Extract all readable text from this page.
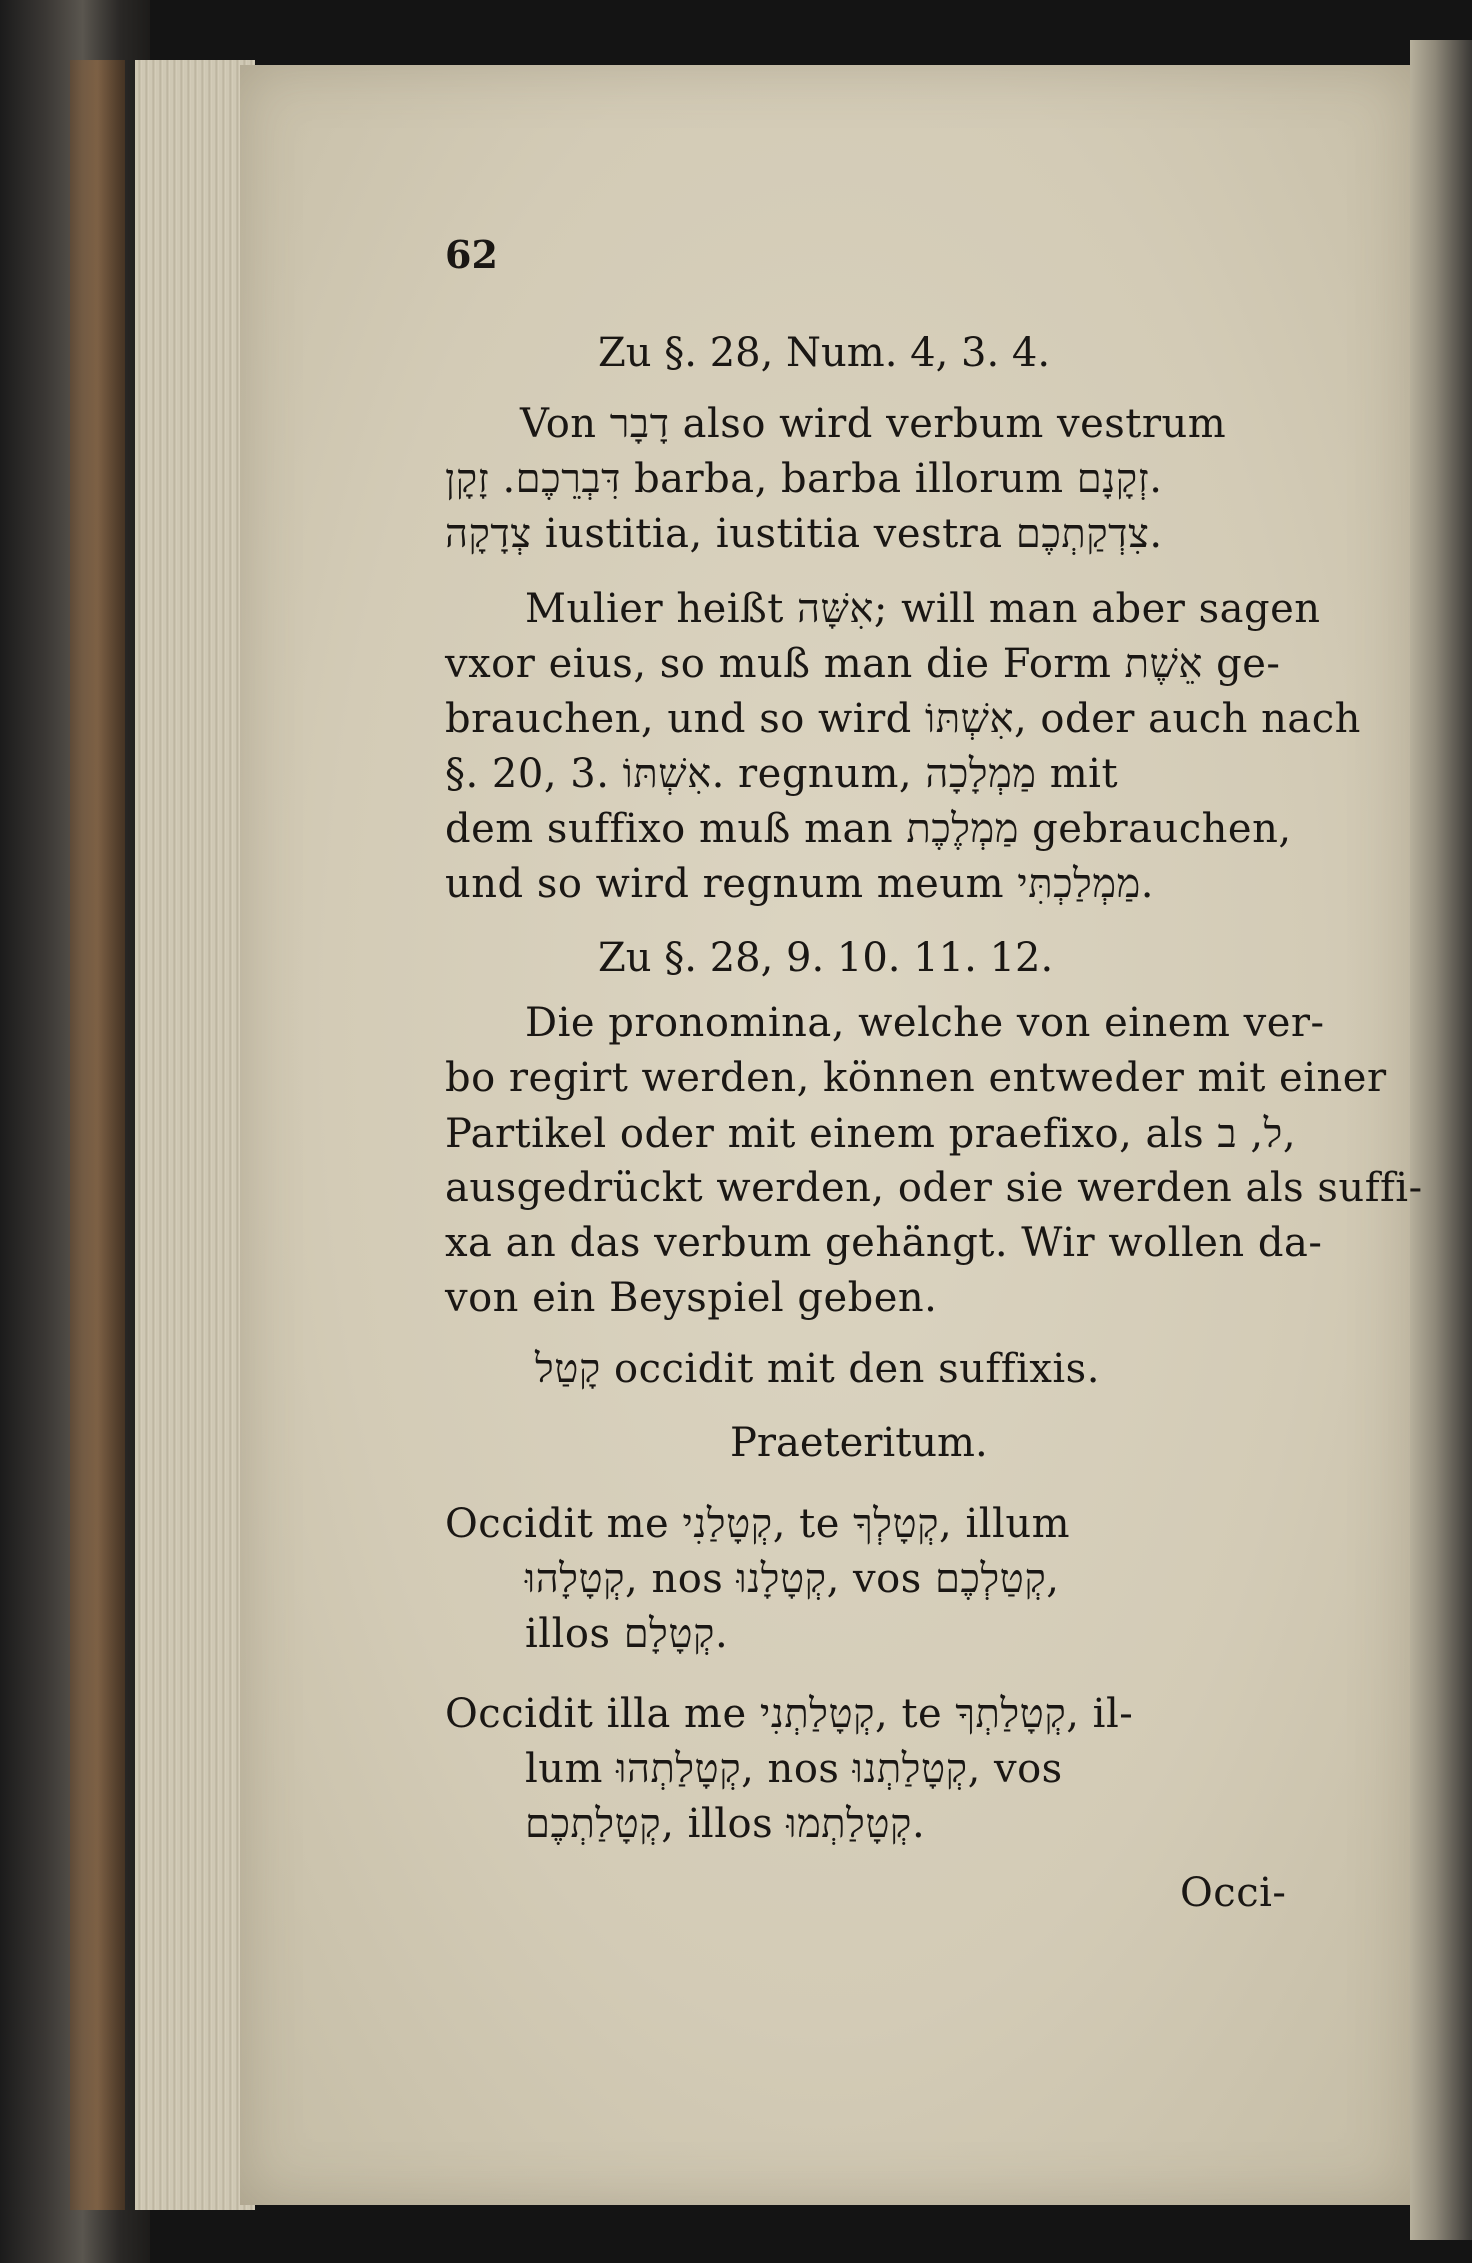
62
Zu §. 28, Num. 4, 3. 4.
Von דָבָר also wird verbum vestrum
דִּבְרֵכֶם. זָקָן barba, barba illorum זְקָנָם.
צְדָקָה iustitia, iustitia vestra צִדְקַתְכֶם.
Mulier heißt אִשָּׁה; will man aber sagen
vxor eius, so muß man die Form אֵשֶׁת ge-
brauchen, und so wird אִשְׁתּוֹ, oder auch nach
§. 20, 3. אִשְׁתּוֹ. regnum, מַמְלָכָה mit
dem suffixo muß man מַמְלֶכֶת gebrauchen,
und so wird regnum meum מַמְלַכְתִּי.
Zu §. 28, 9. 10. 11. 12.
Die pronomina, welche von einem ver-
bo regirt werden, können entweder mit einer
Partikel oder mit einem praefixo, als ל, ב,
ausgedrückt werden, oder sie werden als suffi-
xa an das verbum gehängt. Wir wollen da-
von ein Beyspiel geben.
קָטַל occidit mit den suffixis.
Praeteritum.
Occidit me קְטָלַנִי, te קְטָלְךָ, illum
קְטָלָהוּ, nos קְטָלָנוּ, vos קְטַלְכֶם,
illos קְטָלָם.
Occidit illa me קְטָלַתְנִי, te קְטָלַתְךָ, il-
lum קְטָלַתְהוּ, nos קְטָלַתְנוּ, vos
קְטָלַתְכֶם, illos קְטָלַתְמוּ.
Occi-
